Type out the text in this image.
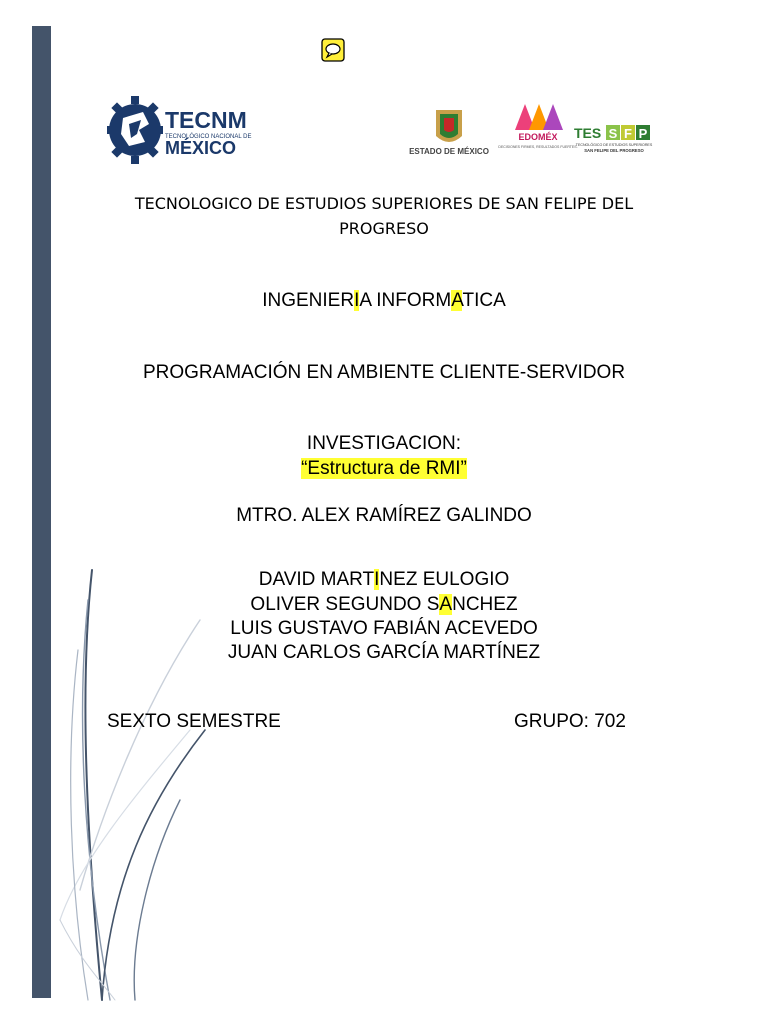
TECNM
TECNOLÓGICO NACIONAL DE
MÉXICO	ESTADO DE MÉXICO
EDOMÉX
DECISIONES FIRMES, RESULTADOS FUERTES.
TES S F P
TECNOLÓGICO DE ESTUDIOS SUPERIORES
SAN FELIPE DEL PROGRESO
TECNOLOGICO DE ESTUDIOS SUPERIORES DE SAN FELIPE DEL
PROGRESO
INGENIERIA INFORMATICA
PROGRAMACIÓN EN AMBIENTE CLIENTE-SERVIDOR
INVESTIGACION:
“Estructura de RMI”
MTRO. ALEX RAMÍREZ GALINDO
DAVID MARTINEZ EULOGIO
OLIVER SEGUNDO SANCHEZ
LUIS GUSTAVO FABIÁN ACEVEDO
JUAN CARLOS GARCÍA MARTÍNEZ
SEXTO SEMESTRE	GRUPO: 702
